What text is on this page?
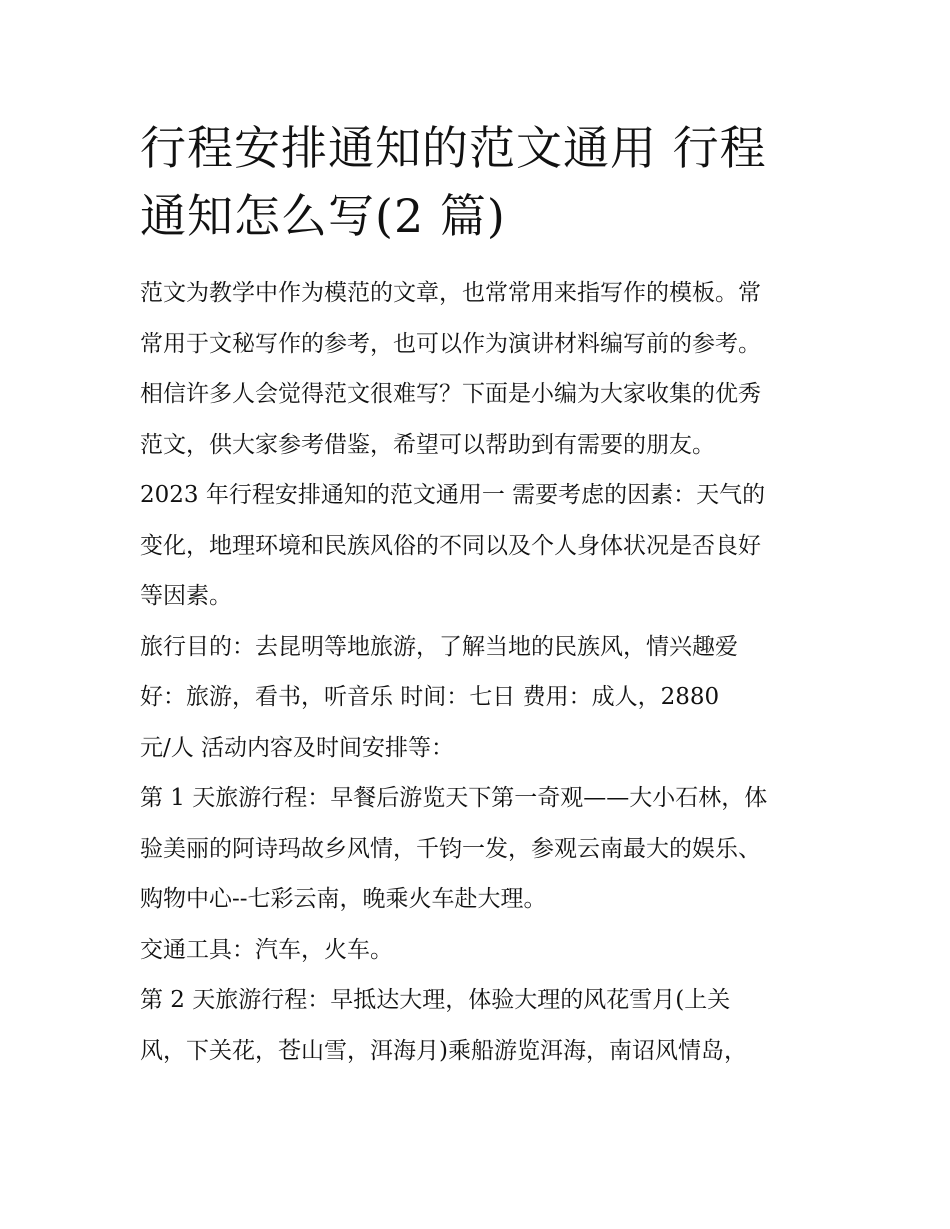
行程安排通知的范文通用 行程
通知怎么写(2 篇)

范文为教学中作为模范的文章，也常常用来指写作的模板。常
常用于文秘写作的参考，也可以作为演讲材料编写前的参考。
相信许多人会觉得范文很难写？下面是小编为大家收集的优秀
范文，供大家参考借鉴，希望可以帮助到有需要的朋友。

2023 年行程安排通知的范文通用一 需要考虑的因素：天气的
变化，地理环境和民族风俗的不同以及个人身体状况是否良好
等因素。

旅行目的：去昆明等地旅游，了解当地的民族风，情兴趣爱
好：旅游，看书，听音乐 时间：七日 费用：成人，2880
元/人 活动内容及时间安排等：

第 1 天旅游行程：早餐后游览天下第一奇观——大小石林，体
验美丽的阿诗玛故乡风情，千钧一发，参观云南最大的娱乐、
购物中心--七彩云南，晚乘火车赴大理。

交通工具：汽车，火车。

第 2 天旅游行程：早抵达大理，体验大理的风花雪月(上关
风，下关花，苍山雪，洱海月)乘船游览洱海，南诏风情岛，
